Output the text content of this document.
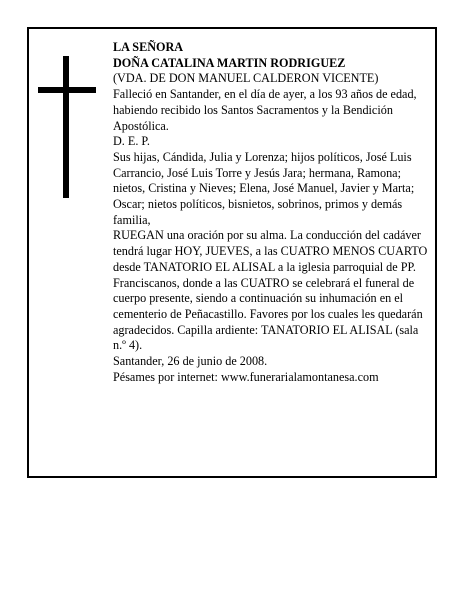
LA SEÑORA

DOÑA CATALINA MARTIN RODRIGUEZ

(VDA. DE DON MANUEL CALDERON VICENTE)

Falleció en Santander, en el día de ayer, a los 93 años de edad, habiendo recibido los Santos Sacramentos y la Bendición Apostólica.

D. E. P.

Sus hijas, Cándida, Julia y Lorenza; hijos políticos, José Luis Carrancio, José Luis Torre y Jesús Jara; hermana, Ramona; nietos, Cristina y Nieves; Elena, José Manuel, Javier y Marta; Oscar; nietos políticos, bisnietos, sobrinos, primos y demás familia,

RUEGAN una oración por su alma. La conducción del cadáver tendrá lugar HOY, JUEVES, a las CUATRO MENOS CUARTO desde TANATORIO EL ALISAL a la iglesia parroquial de PP. Franciscanos, donde a las CUATRO se celebrará el funeral de cuerpo presente, siendo a continuación su inhumación en el cementerio de Peñacastillo. Favores por los cuales les quedarán agradecidos. Capilla ardiente: TANATORIO EL ALISAL (sala n.º 4).

Santander, 26 de junio de 2008.

Pésames por internet: www.funerarialamontanesa.com
